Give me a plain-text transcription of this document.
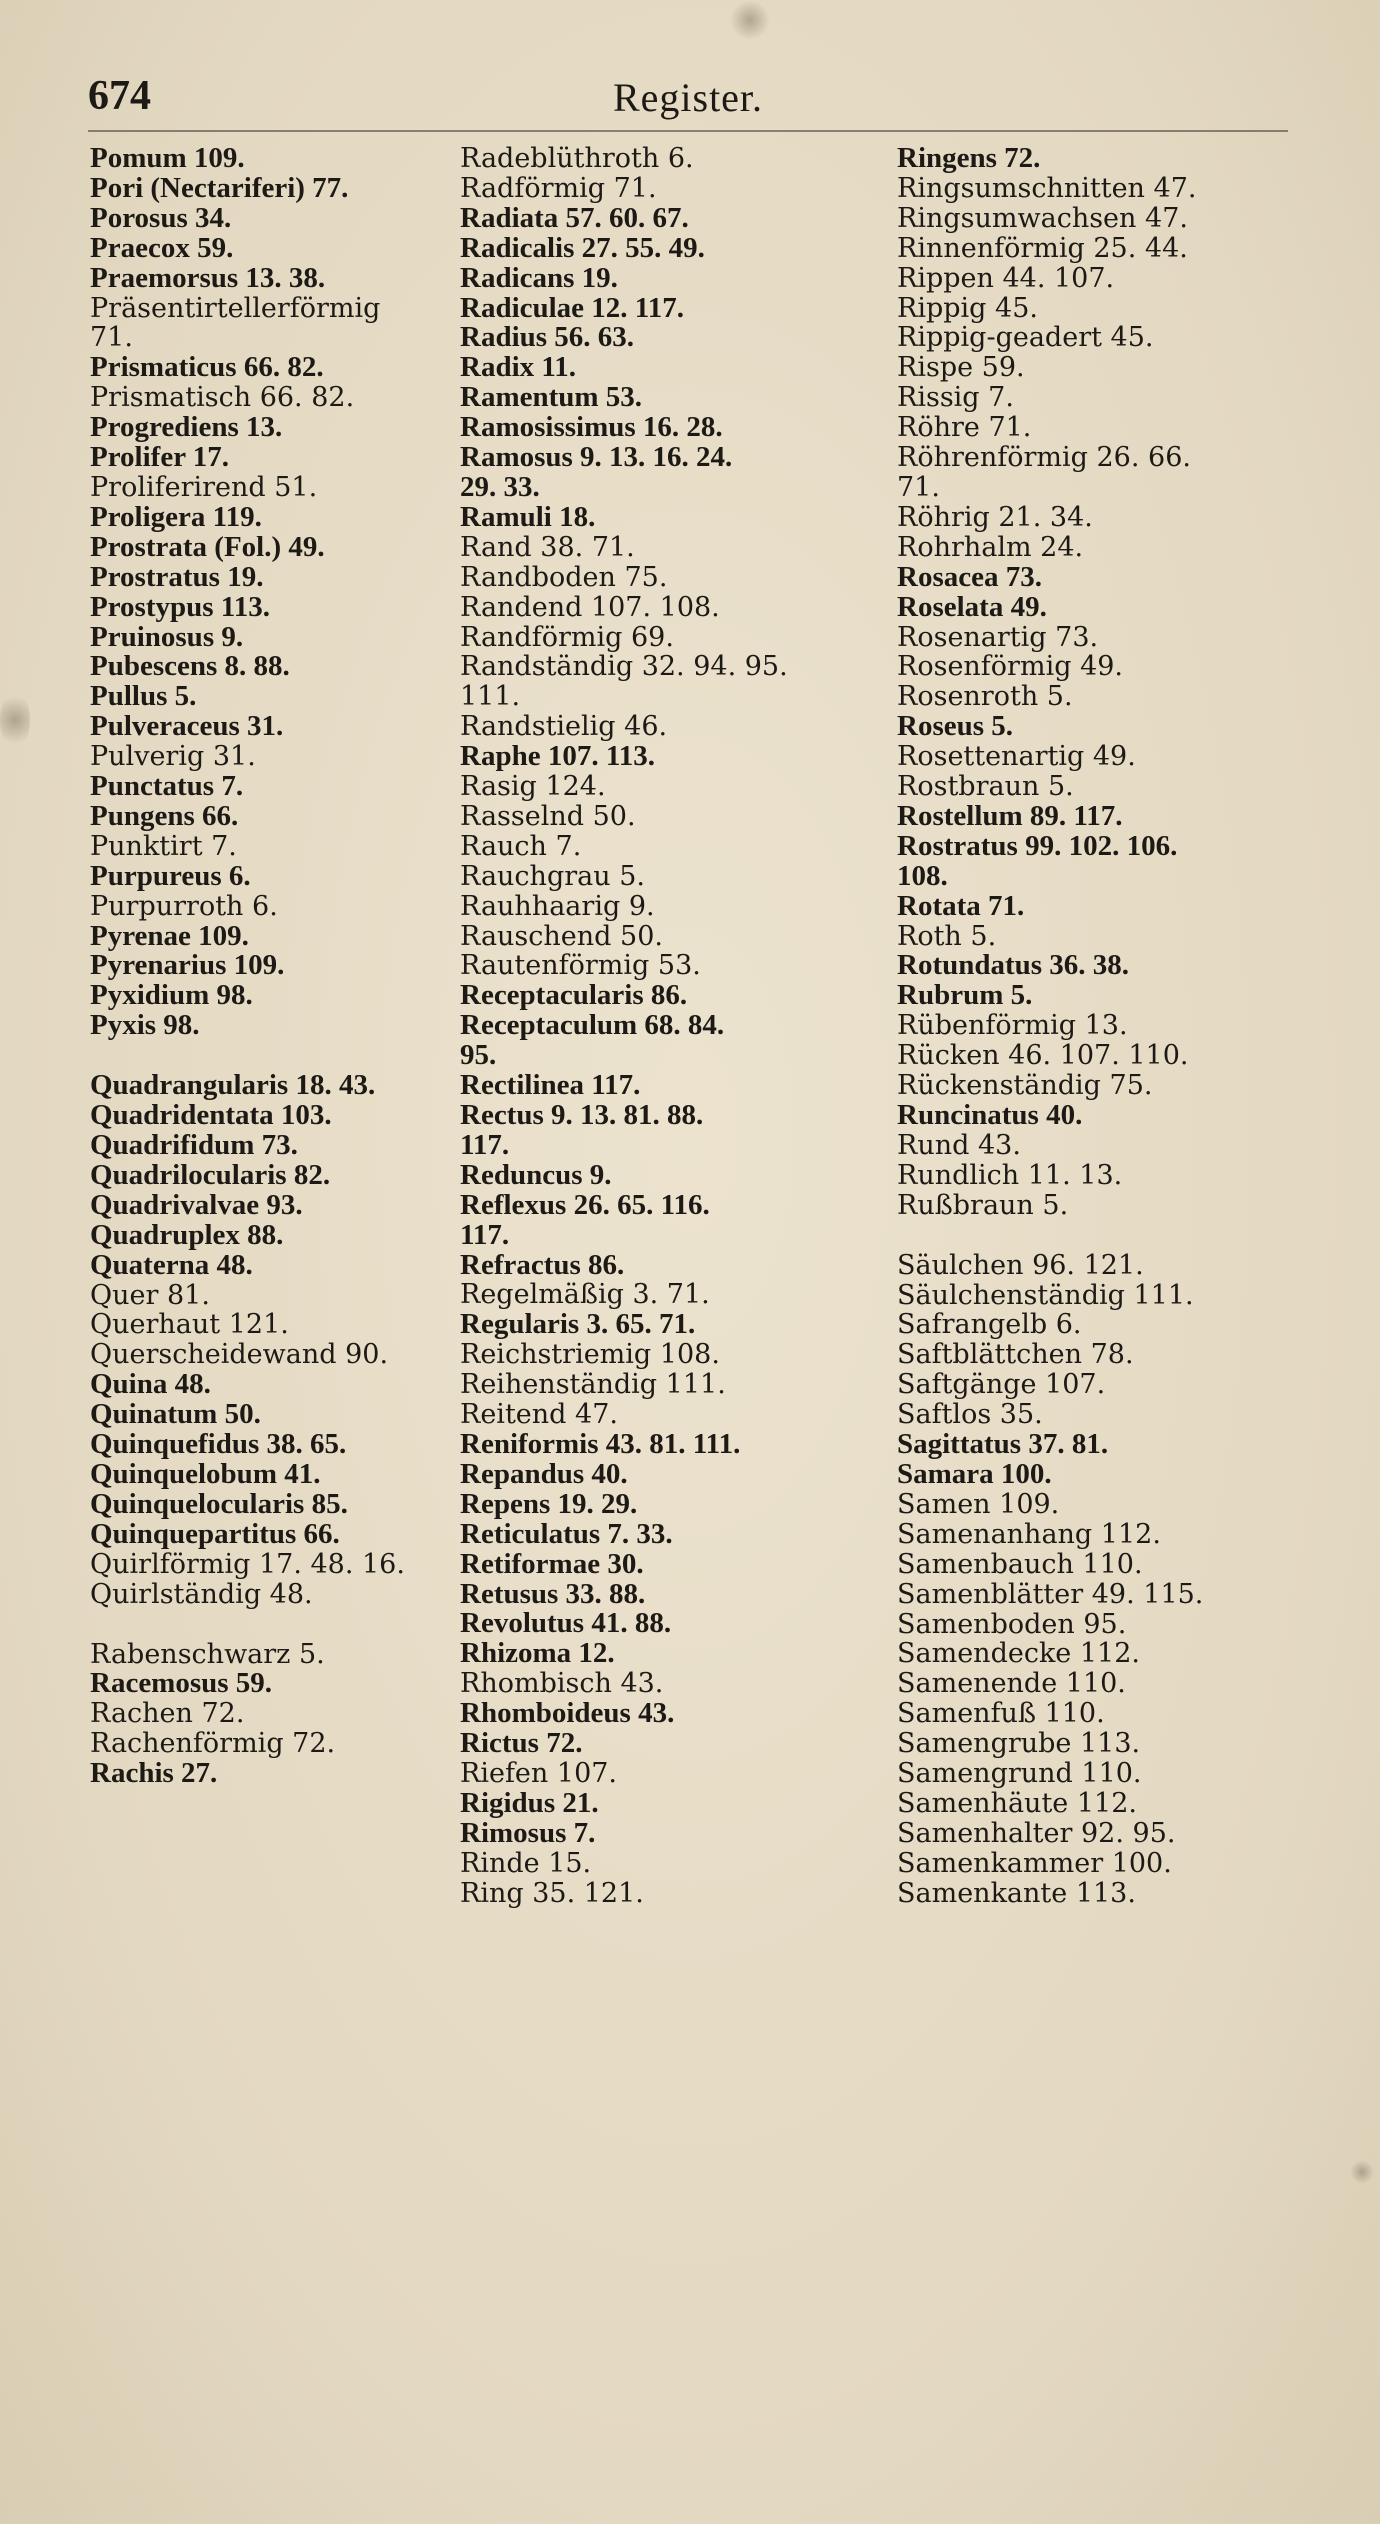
674	Register.
Pomum 109.
Pori (Nectariferi) 77.
Porosus 34.
Praecox 59.
Praemorsus 13. 38.
Präsentirtellerförmig
71.
Prismaticus 66. 82.
Prismatisch 66. 82.
Progrediens 13.
Prolifer 17.
Proliferirend 51.
Proligera 119.
Prostrata (Fol.) 49.
Prostratus 19.
Prostypus 113.
Pruinosus 9.
Pubescens 8. 88.
Pullus 5.
Pulveraceus 31.
Pulverig 31.
Punctatus 7.
Pungens 66.
Punktirt 7.
Purpureus 6.
Purpurroth 6.
Pyrenae 109.
Pyrenarius 109.
Pyxidium 98.
Pyxis 98.
Quadrangularis 18. 43.
Quadridentata 103.
Quadrifidum 73.
Quadrilocularis 82.
Quadrivalvae 93.
Quadruplex 88.
Quaterna 48.
Quer 81.
Querhaut 121.
Querscheidewand 90.
Quina 48.
Quinatum 50.
Quinquefidus 38. 65.
Quinquelobum 41.
Quinquelocularis 85.
Quinquepartitus 66.
Quirlförmig 17. 48. 16.
Quirlständig 48.
Rabenschwarz 5.
Racemosus 59.
Rachen 72.
Rachenförmig 72.
Rachis 27.
Radeblüthroth 6.
Radförmig 71.
Radiata 57. 60. 67.
Radicalis 27. 55. 49.
Radicans 19.
Radiculae 12. 117.
Radius 56. 63.
Radix 11.
Ramentum 53.
Ramosissimus 16. 28.
Ramosus 9. 13. 16. 24.
29. 33.
Ramuli 18.
Rand 38. 71.
Randboden 75.
Randend 107. 108.
Randförmig 69.
Randständig 32. 94. 95.
111.
Randstielig 46.
Raphe 107. 113.
Rasig 124.
Rasselnd 50.
Rauch 7.
Rauchgrau 5.
Rauhhaarig 9.
Rauschend 50.
Rautenförmig 53.
Receptacularis 86.
Receptaculum 68. 84.
95.
Rectilinea 117.
Rectus 9. 13. 81. 88.
117.
Reduncus 9.
Reflexus 26. 65. 116.
117.
Refractus 86.
Regelmäßig 3. 71.
Regularis 3. 65. 71.
Reichstriemig 108.
Reihenständig 111.
Reitend 47.
Reniformis 43. 81. 111.
Repandus 40.
Repens 19. 29.
Reticulatus 7. 33.
Retiformae 30.
Retusus 33. 88.
Revolutus 41. 88.
Rhizoma 12.
Rhombisch 43.
Rhomboideus 43.
Rictus 72.
Riefen 107.
Rigidus 21.
Rimosus 7.
Rinde 15.
Ring 35. 121.
Ringens 72.
Ringsumschnitten 47.
Ringsumwachsen 47.
Rinnenförmig 25. 44.
Rippen 44. 107.
Rippig 45.
Rippig-geadert 45.
Rispe 59.
Rissig 7.
Röhre 71.
Röhrenförmig 26. 66.
71.
Röhrig 21. 34.
Rohrhalm 24.
Rosacea 73.
Roselata 49.
Rosenartig 73.
Rosenförmig 49.
Rosenroth 5.
Roseus 5.
Rosettenartig 49.
Rostbraun 5.
Rostellum 89. 117.
Rostratus 99. 102. 106.
108.
Rotata 71.
Roth 5.
Rotundatus 36. 38.
Rubrum 5.
Rübenförmig 13.
Rücken 46. 107. 110.
Rückenständig 75.
Runcinatus 40.
Rund 43.
Rundlich 11. 13.
Rußbraun 5.
Säulchen 96. 121.
Säulchenständig 111.
Safrangelb 6.
Saftblättchen 78.
Saftgänge 107.
Saftlos 35.
Sagittatus 37. 81.
Samara 100.
Samen 109.
Samenanhang 112.
Samenbauch 110.
Samenblätter 49. 115.
Samenboden 95.
Samendecke 112.
Samenende 110.
Samenfuß 110.
Samengrube 113.
Samengrund 110.
Samenhäute 112.
Samenhalter 92. 95.
Samenkammer 100.
Samenkante 113.
